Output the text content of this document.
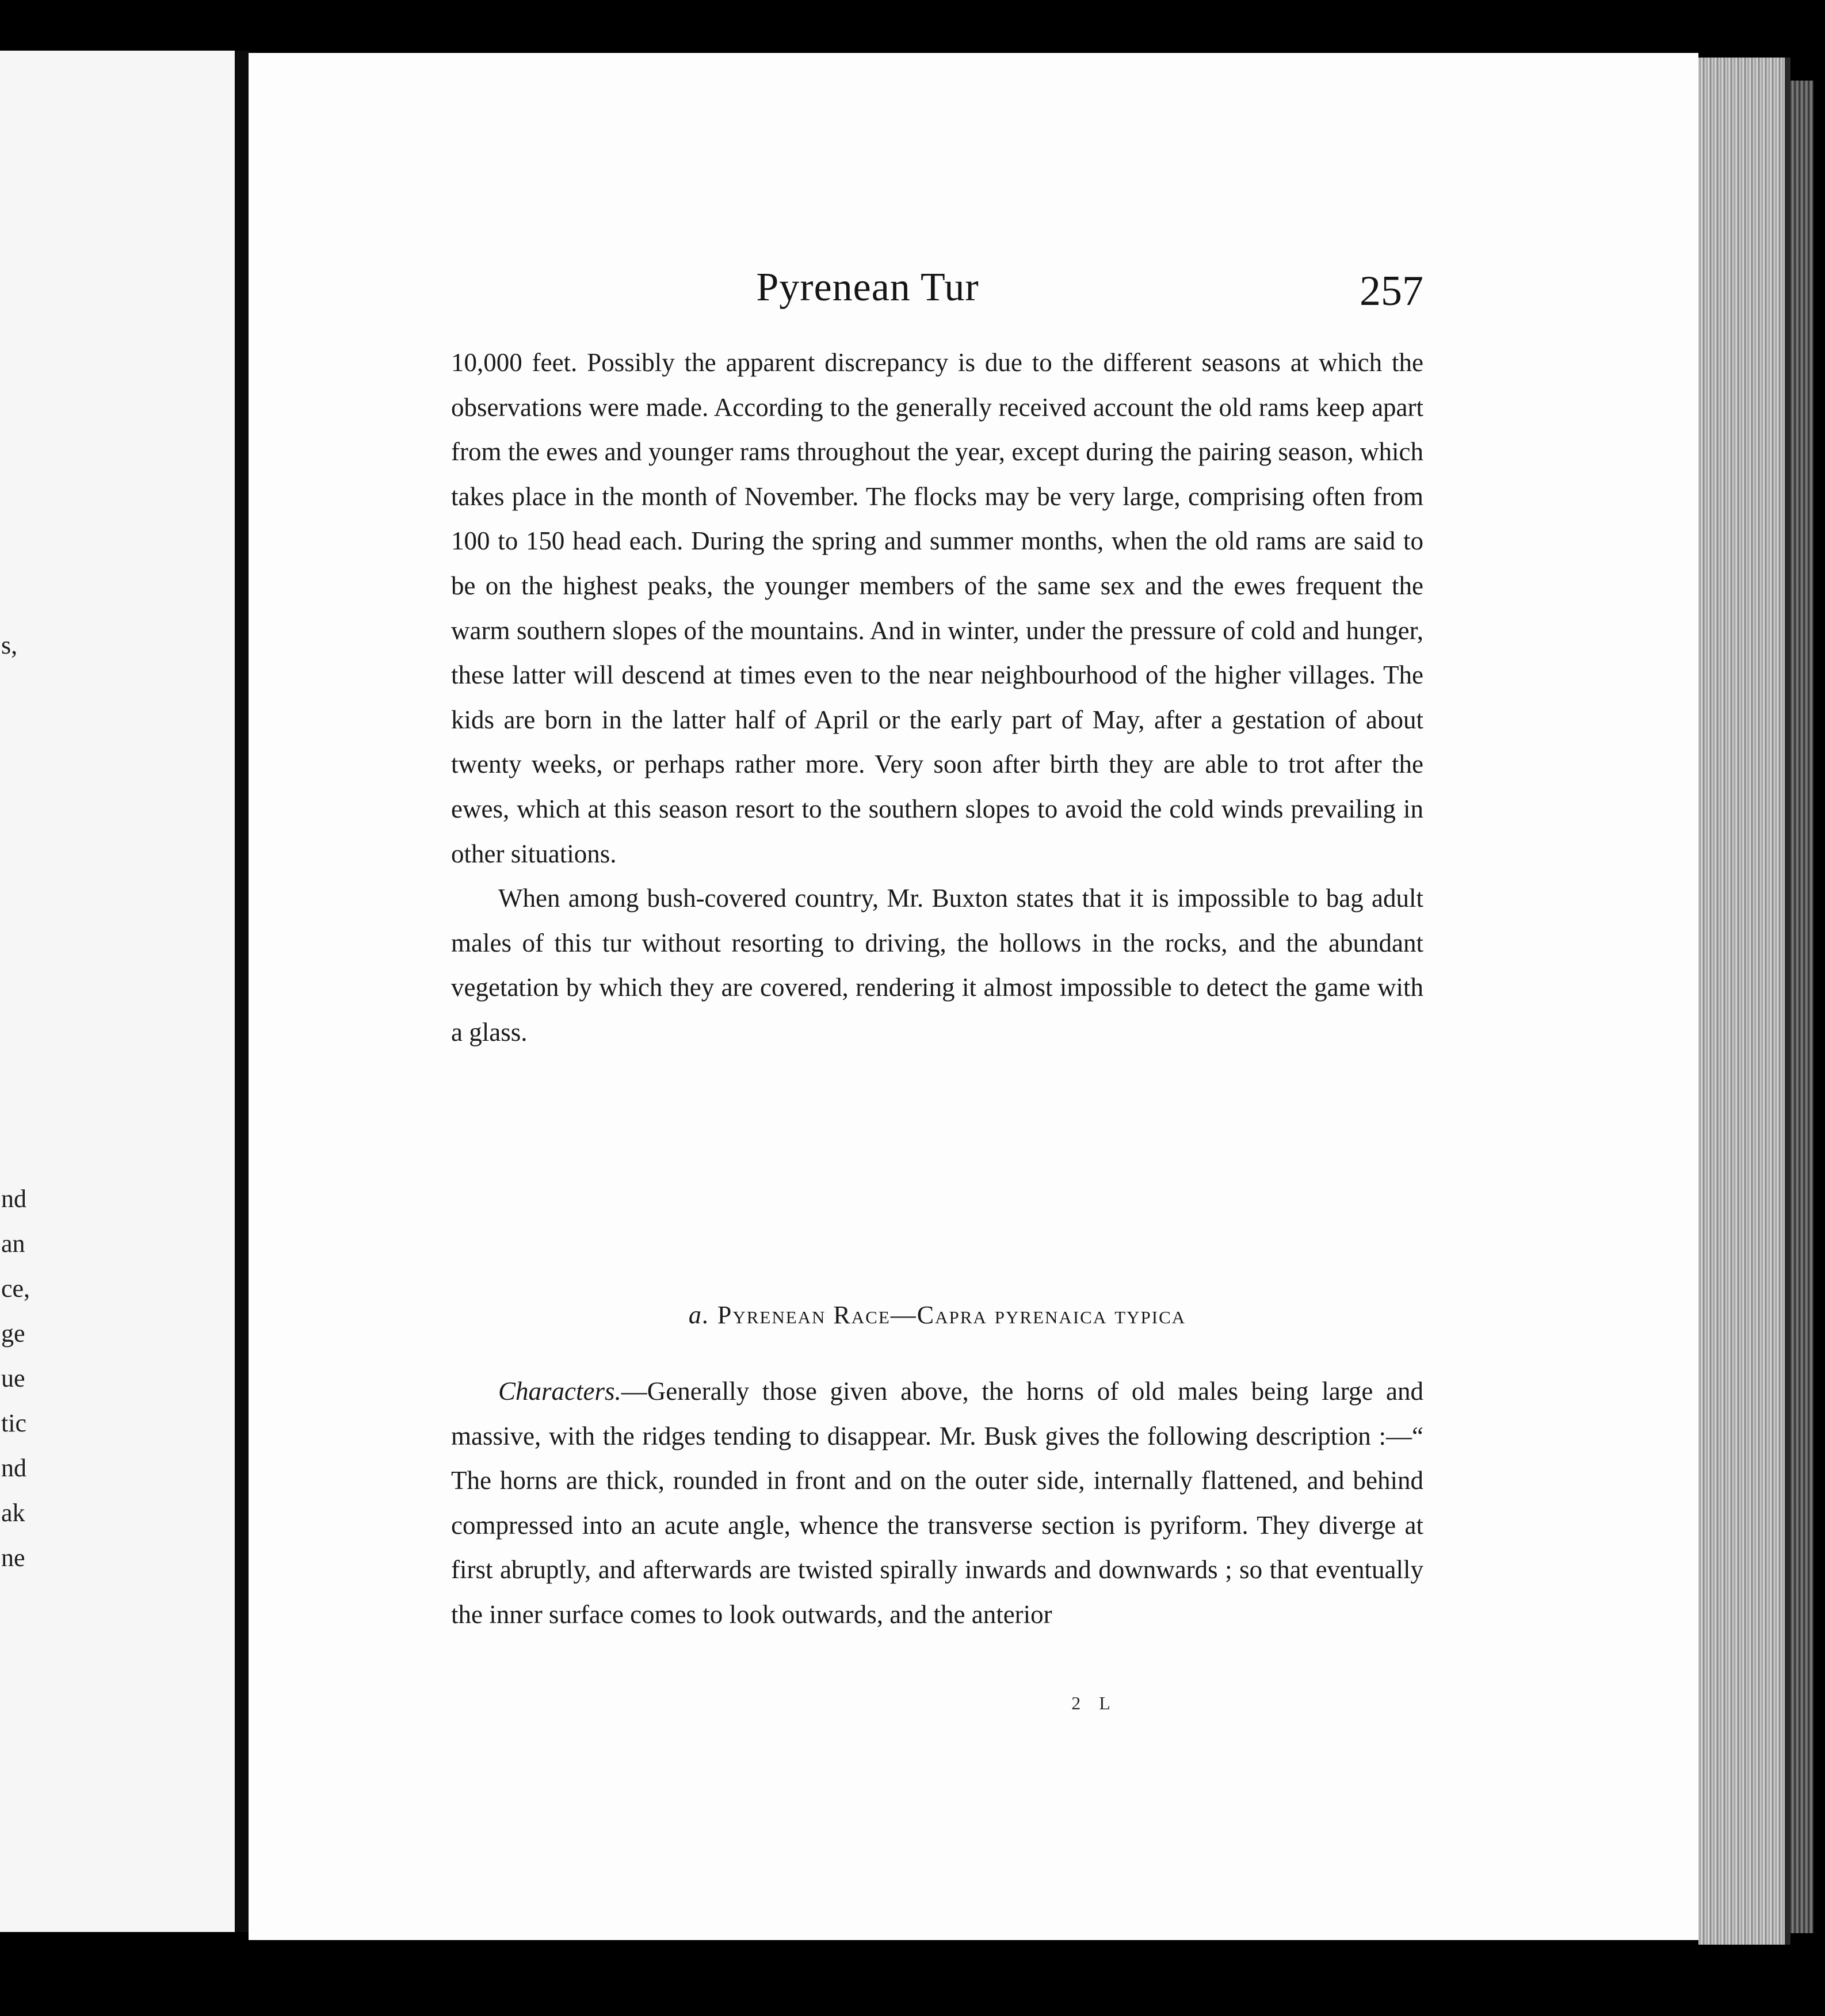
s,
nd
an
ce,
ge
ue
tic
nd
ak
ne
Pyrenean Tur	257

10,000 feet. Possibly the apparent discrepancy is due to the different seasons at which the observations were made. According to the generally received account the old rams keep apart from the ewes and younger rams throughout the year, except during the pairing season, which takes place in the month of November. The flocks may be very large, comprising often from 100 to 150 head each. During the spring and summer months, when the old rams are said to be on the highest peaks, the younger members of the same sex and the ewes frequent the warm southern slopes of the mountains. And in winter, under the pressure of cold and hunger, these latter will descend at times even to the near neighbourhood of the higher villages. The kids are born in the latter half of April or the early part of May, after a gestation of about twenty weeks, or perhaps rather more. Very soon after birth they are able to trot after the ewes, which at this season resort to the southern slopes to avoid the cold winds prevailing in other situations.

When among bush-covered country, Mr. Buxton states that it is impossible to bag adult males of this tur without resorting to driving, the hollows in the rocks, and the abundant vegetation by which they are covered, rendering it almost impossible to detect the game with a glass.

a. Pyrenean Race—Capra pyrenaica typica

Characters.—Generally those given above, the horns of old males being large and massive, with the ridges tending to disappear. Mr. Busk gives the following description :—“ The horns are thick, rounded in front and on the outer side, internally flattened, and behind compressed into an acute angle, whence the transverse section is pyriform. They diverge at first abruptly, and afterwards are twisted spirally inwards and downwards ; so that eventually the inner surface comes to look outwards, and the anterior

2 L
